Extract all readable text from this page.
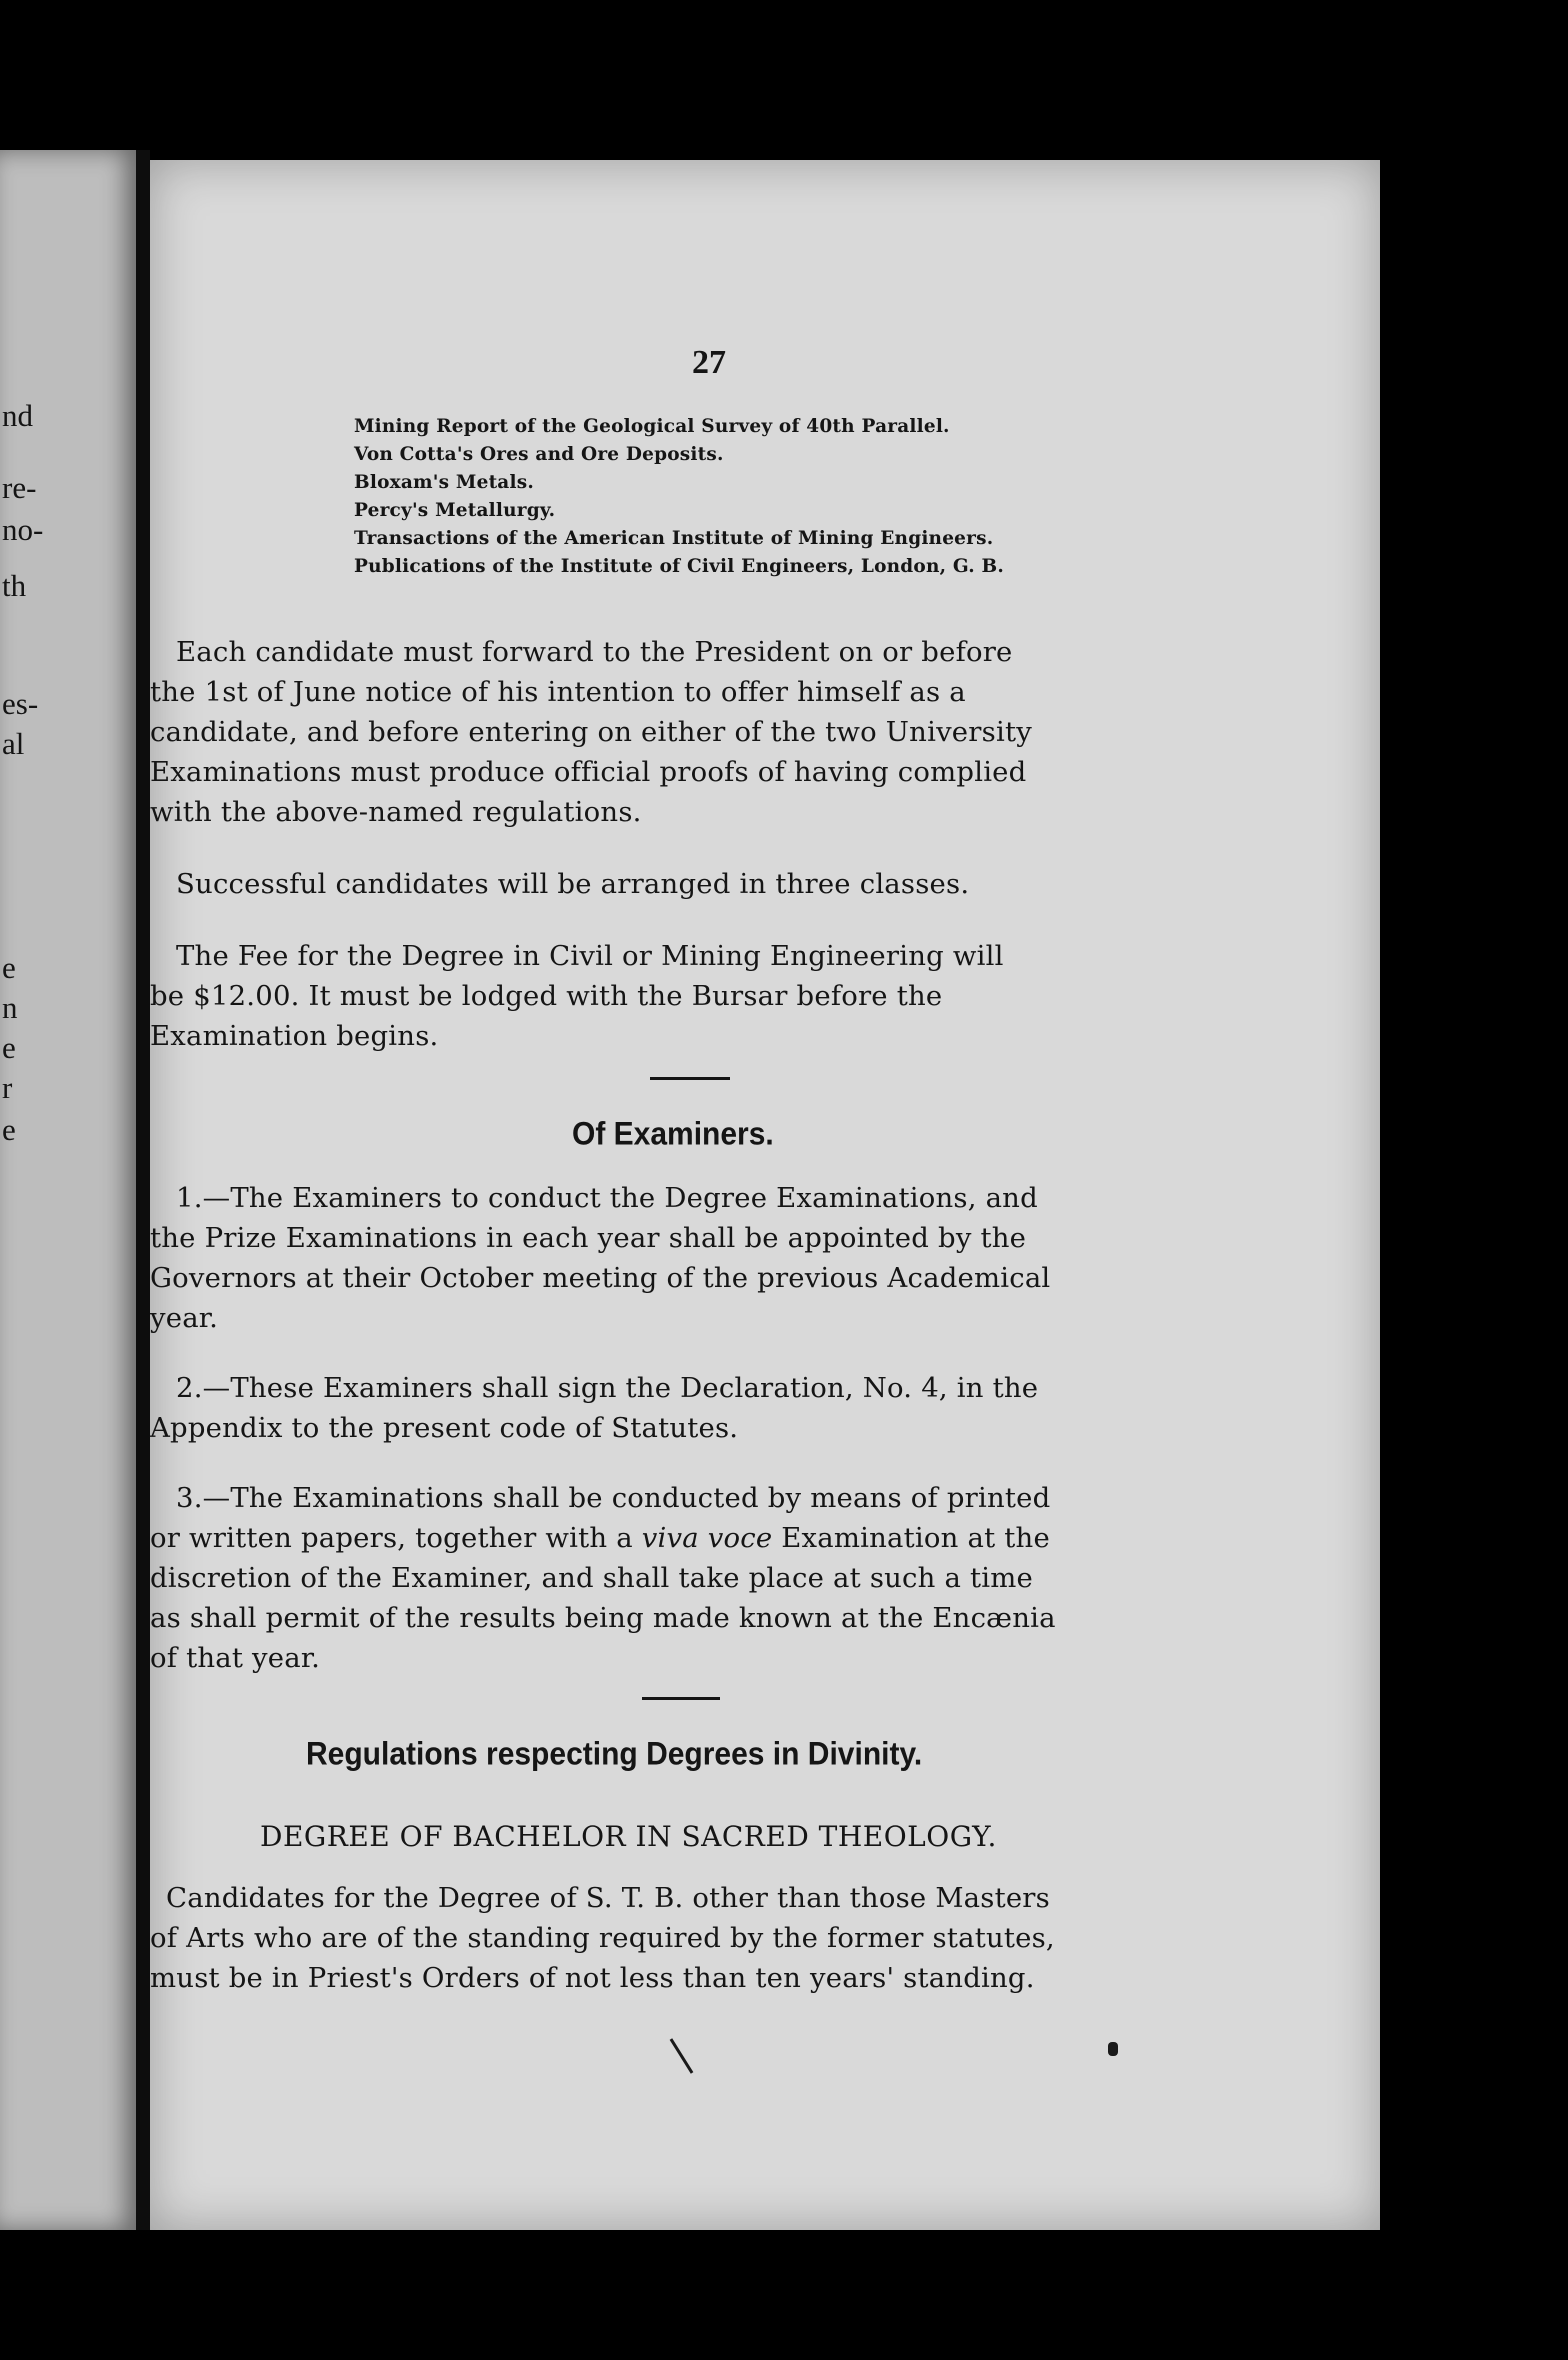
nd
re-
no-
th
es-
al
e
n
e
r
e
27
Mining Report of the Geological Survey of 40th Parallel.
Von Cotta's Ores and Ore Deposits.
Bloxam's Metals.
Percy's Metallurgy.
Transactions of the American Institute of Mining Engineers.
Publications of the Institute of Civil Engineers, London, G. B.
Each candidate must forward to the President on or before
the 1st of June notice of his intention to offer himself as a
candidate, and before entering on either of the two University
Examinations must produce official proofs of having complied
with the above-named regulations.
Successful candidates will be arranged in three classes.
The Fee for the Degree in Civil or Mining Engineering will
be $12.00. It must be lodged with the Bursar before the
Examination begins.
Of Examiners.
1.—The Examiners to conduct the Degree Examinations, and
the Prize Examinations in each year shall be appointed by the
Governors at their October meeting of the previous Academical
year.
2.—These Examiners shall sign the Declaration, No. 4, in the
Appendix to the present code of Statutes.
3.—The Examinations shall be conducted by means of printed
or written papers, together with a viva voce Examination at the
discretion of the Examiner, and shall take place at such a time
as shall permit of the results being made known at the Encænia
of that year.
Regulations respecting Degrees in Divinity.
DEGREE OF BACHELOR IN SACRED THEOLOGY.
Candidates for the Degree of S. T. B. other than those Masters
of Arts who are of the standing required by the former statutes,
must be in Priest's Orders of not less than ten years' standing.
